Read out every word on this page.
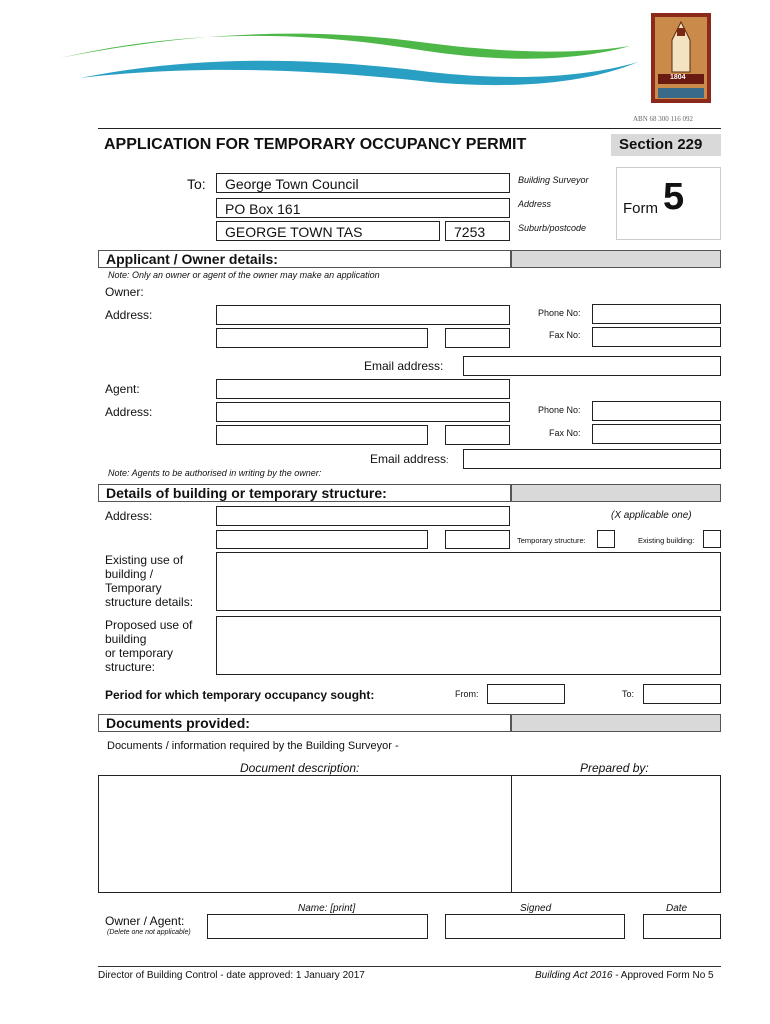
1804
ABN 68 300 116 092
APPLICATION FOR TEMPORARY OCCUPANCY PERMIT	Section 229
To:	George Town Council
PO Box 161
GEORGE TOWN TAS	7253
Building Surveyor
Address
Suburb/postcode
Form 5
Applicant / Owner details:
Note: Only an owner or agent of the owner may make an application
Owner:
Address:	Phone No:
Fax No:
Email address:
Agent:
Address:	Phone No:
Fax No:
Email address:
Note: Agents to be authorised in writing by the owner:
Details of building or temporary structure:
Address:	(X applicable one)
Temporary structure:	Existing building:
Existing use of
building /
Temporary
structure details:
Proposed use of
building
or temporary
structure:
Period for which temporary occupancy sought:	From:	To:
Documents provided:
Documents / information required by the Building Surveyor -
Document description:	Prepared by:
Name: [print]	Signed	Date
Owner / Agent:
(Delete one not applicable)
Director of Building Control - date approved: 1 January 2017	Building Act 2016 - Approved Form No 5
